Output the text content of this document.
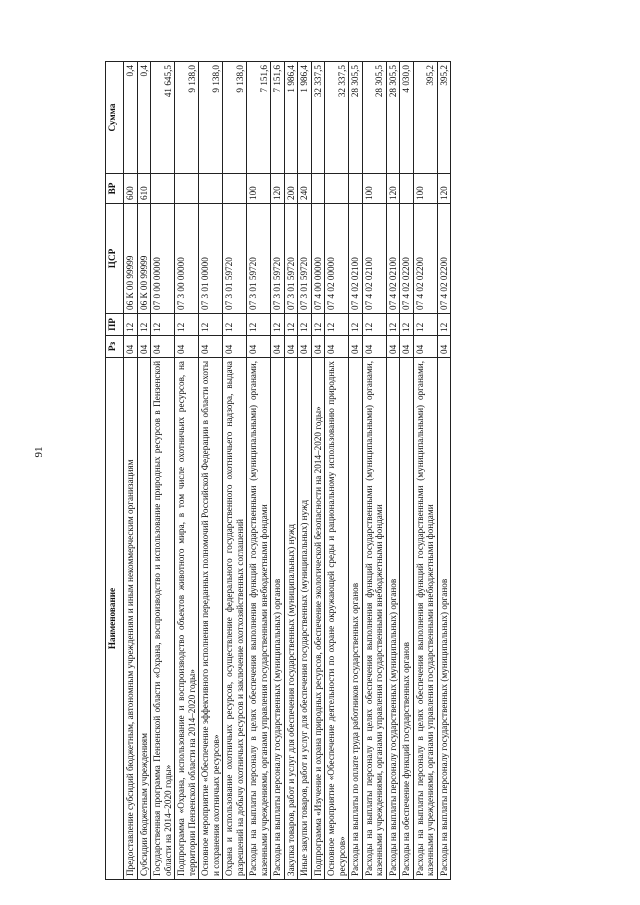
91
Наименование	Рз	ПР	ЦСР	ВР	Сумма
Предоставление субсидий бюджетным, автономным учреждениям и иным некоммерческим организациям	04	12	06 К 00 99999	600	0,4
Субсидии бюджетным учреждениям	04	12	06 К 00 99999	610	0,4
Государственная программа Пензенской области «Охрана, воспроизводство и использование природных ресурсов в Пензенской области на 2014–2020 годы»	04	12	07 0 00 00000		41 645,5
Подпрограмма «Охрана, использование и воспроизводство объектов животного мира, в том числе охотничьих ресурсов, на территории Пензенской области на 2014–2020 годы»	04	12	07 3 00 00000		9 138,0
Основное мероприятие «Обеспечение эффективного исполнения переданных полномочий Российской Федерации в области охоты и сохранения охотничьих ресурсов»	04	12	07 3 01 00000		9 138,0
Охрана и использование охотничьих ресурсов, осуществление федерального государственного охотничьего надзора, выдача разрешений на добычу охотничьих ресурсов и заключение охотхозяйственных соглашений	04	12	07 3 01 59720		9 138,0
Расходы на выплаты персоналу в целях обеспечения выполнения функций государственными (муниципальными) органами, казенными учреждениями, органами управления государственными внебюджетными фондами	04	12	07 3 01 59720	100	7 151,6
Расходы на выплаты персоналу государственных (муниципальных) органов	04	12	07 3 01 59720	120	7 151,6
Закупка товаров, работ и услуг для обеспечения государственных (муниципальных) нужд	04	12	07 3 01 59720	200	1 986,4
Иные закупки товаров, работ и услуг для обеспечения государственных (муниципальных) нужд	04	12	07 3 01 59720	240	1 986,4
Подпрограмма «Изучение и охрана природных ресурсов, обеспечение экологической безопасности на 2014–2020 годы»	04	12	07 4 00 00000		32 337,5
Основное мероприятие «Обеспечение деятельности по охране окружающей среды и рациональному использованию природных ресурсов»	04	12	07 4 02 00000		32 337,5
Расходы на выплаты по оплате труда работников государственных органов	04	12	07 4 02 02100		28 305,5
Расходы на выплаты персоналу в целях обеспечения выполнения функций государственными (муниципальными) органами, казенными учреждениями, органами управления государственными внебюджетными фондами	04	12	07 4 02 02100	100	28 305,5
Расходы на выплаты персоналу государственных (муниципальных) органов	04	12	07 4 02 02100	120	28 305,5
Расходы на обеспечение функций государственных органов	04	12	07 4 02 02200		4 030,0
Расходы на выплаты персоналу в целях обеспечения выполнения функций государственными (муниципальными) органами, казенными учреждениями, органами управления государственными внебюджетными фондами	04	12	07 4 02 02200	100	395,2
Расходы на выплаты персоналу государственных (муниципальных) органов	04	12	07 4 02 02200	120	395,2
